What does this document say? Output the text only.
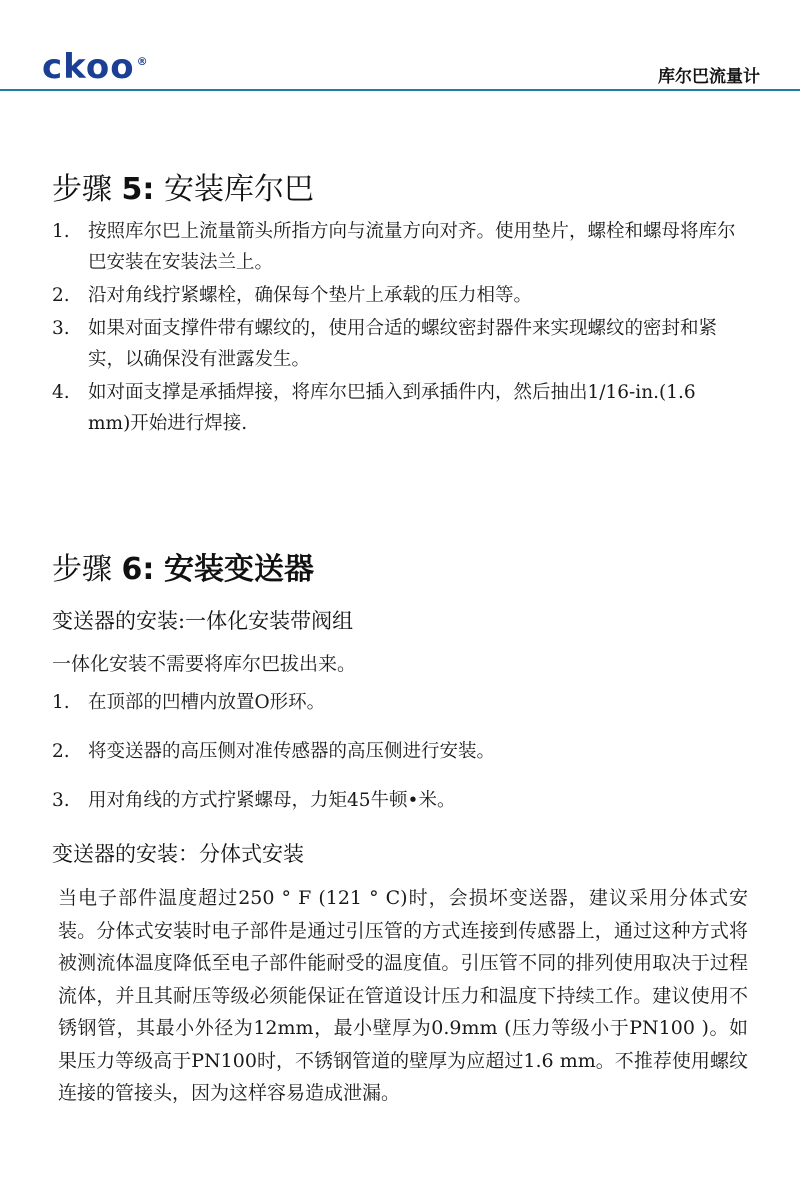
ckoo ®
库尔巴流量计
步骤 5: 安装库尔巴
1. 按照库尔巴上流量箭头所指方向与流量方向对齐。使用垫片，螺栓和螺母将库尔巴安装在安装法兰上。
2. 沿对角线拧紧螺栓，确保每个垫片上承载的压力相等。
3. 如果对面支撑件带有螺纹的，使用合适的螺纹密封器件来实现螺纹的密封和紧实，以确保没有泄露发生。
4. 如对面支撑是承插焊接，将库尔巴插入到承插件内，然后抽出1/16-in.(1.6 mm)开始进行焊接.
步骤 6: 安装变送器
变送器的安装:一体化安装带阀组
一体化安装不需要将库尔巴拔出来。
1. 在顶部的凹槽内放置O形环。
2. 将变送器的高压侧对准传感器的高压侧进行安装。
3. 用对角线的方式拧紧螺母，力矩45牛顿•米。
变送器的安装：分体式安装
当电子部件温度超过250 ° F (121 ° C)时，会损坏变送器，建议采用分体式安装。分体式安装时电子部件是通过引压管的方式连接到传感器上，通过这种方式将被测流体温度降低至电子部件能耐受的温度值。引压管不同的排列使用取决于过程流体，并且其耐压等级必须能保证在管道设计压力和温度下持续工作。建议使用不锈钢管，其最小外径为12mm，最小壁厚为0.9mm (压力等级小于PN100 )。如果压力等级高于PN100时，不锈钢管道的壁厚为应超过1.6 mm。不推荐使用螺纹连接的管接头，因为这样容易造成泄漏。
